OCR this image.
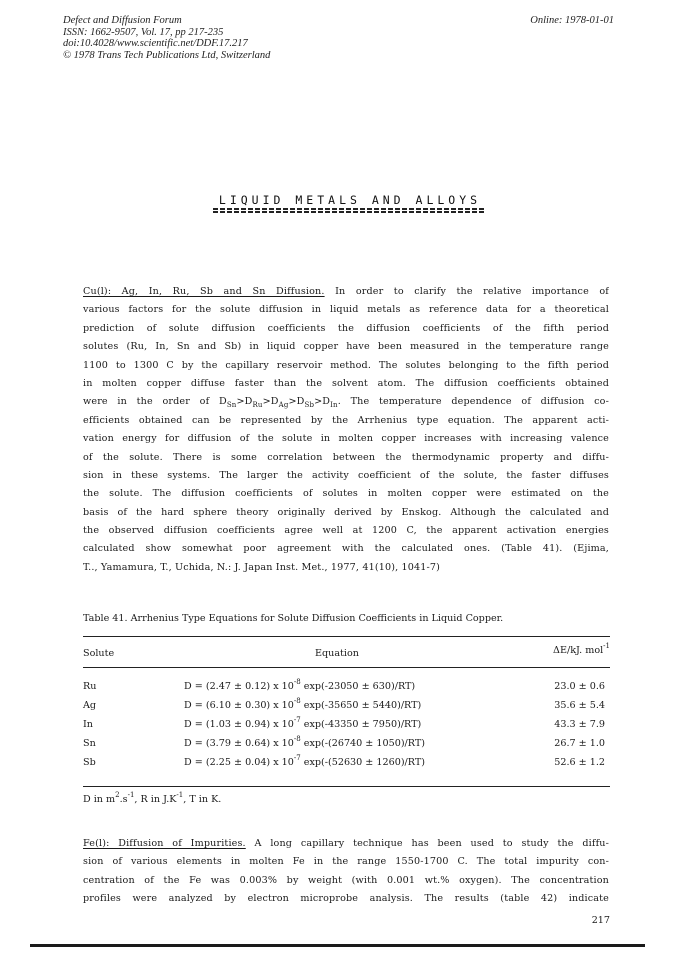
Defect and Diffusion Forum
ISSN: 1662-9507, Vol. 17, pp 217-235
doi:10.4028/www.scientific.net/DDF.17.217
© 1978 Trans Tech Publications Ltd, Switzerland
Online: 1978-01-01
LIQUID METALS AND ALLOYS
Cu(l): Ag, In, Ru, Sb and Sn Diffusion. In order to clarify the relative importance of
various factors for the solute diffusion in liquid metals as reference data for a theoretical
prediction of solute diffusion coefficients the diffusion coefficients of the fifth period
solutes (Ru, In, Sn and Sb) in liquid copper have been measured in the temperature range
1100 to 1300 C by the capillary reservoir method. The solutes belonging to the fifth period
in molten copper diffuse faster than the solvent atom. The diffusion coefficients obtained
were in the order of $D_{Sn}>D_{Ru}>D_{Ag}>D_{Sb}>D_{In}$. The temperature dependence of diffusion co-
efficients obtained can be represented by the Arrhenius type equation. The apparent acti-
vation energy for diffusion of the solute in molten copper increases with increasing valence
of the solute. There is some correlation between the thermodynamic property and diffu-
sion in these systems. The larger the activity coefficient of the solute, the faster diffuses
the solute. The diffusion coefficients of solutes in molten copper were estimated on the
basis of the hard sphere theory originally derived by Enskog. Although the calculated and
the observed diffusion coefficients agree well at 1200 C, the apparent activation energies
calculated show somewhat poor agreement with the calculated ones. (Table 41). (Ejima,
T.., Yamamura, T., Uchida, N.: J. Japan Inst. Met., 1977, 41(10), 1041-7)
Table 41. Arrhenius Type Equations for Solute Diffusion Coefficients in Liquid Copper.
Solute	Equation	ΔE/kJ. mol$^{-1}$
Ru	D = (2.47 ± 0.12) x $10^{-8}$ exp(-23050 ± 630)/RT)	23.0 ± 0.6
Ag	D = (6.10 ± 0.30) x $10^{-8}$ exp(-35650 ± 5440)/RT)	35.6 ± 5.4
In	D = (1.03 ± 0.94) x $10^{-7}$ exp(-43350 ± 7950)/RT)	43.3 ± 7.9
Sn	D = (3.79 ± 0.64) x $10^{-8}$ exp(-(26740 ± 1050)/RT)	26.7 ± 1.0
Sb	D = (2.25 ± 0.04) x $10^{-7}$ exp(-(52630 ± 1260)/RT)	52.6 ± 1.2
D in $m^2.s^{-1}$, R in $J.K^{-1}$, T in K.
Fe(l): Diffusion of Impurities. A long capillary technique has been used to study the diffu-
sion of various elements in molten Fe in the range 1550-1700 C. The total impurity con-
centration of the Fe was 0.003% by weight (with 0.001 wt.% oxygen). The concentration
profiles were analyzed by electron microprobe analysis. The results (table 42) indicate
217
